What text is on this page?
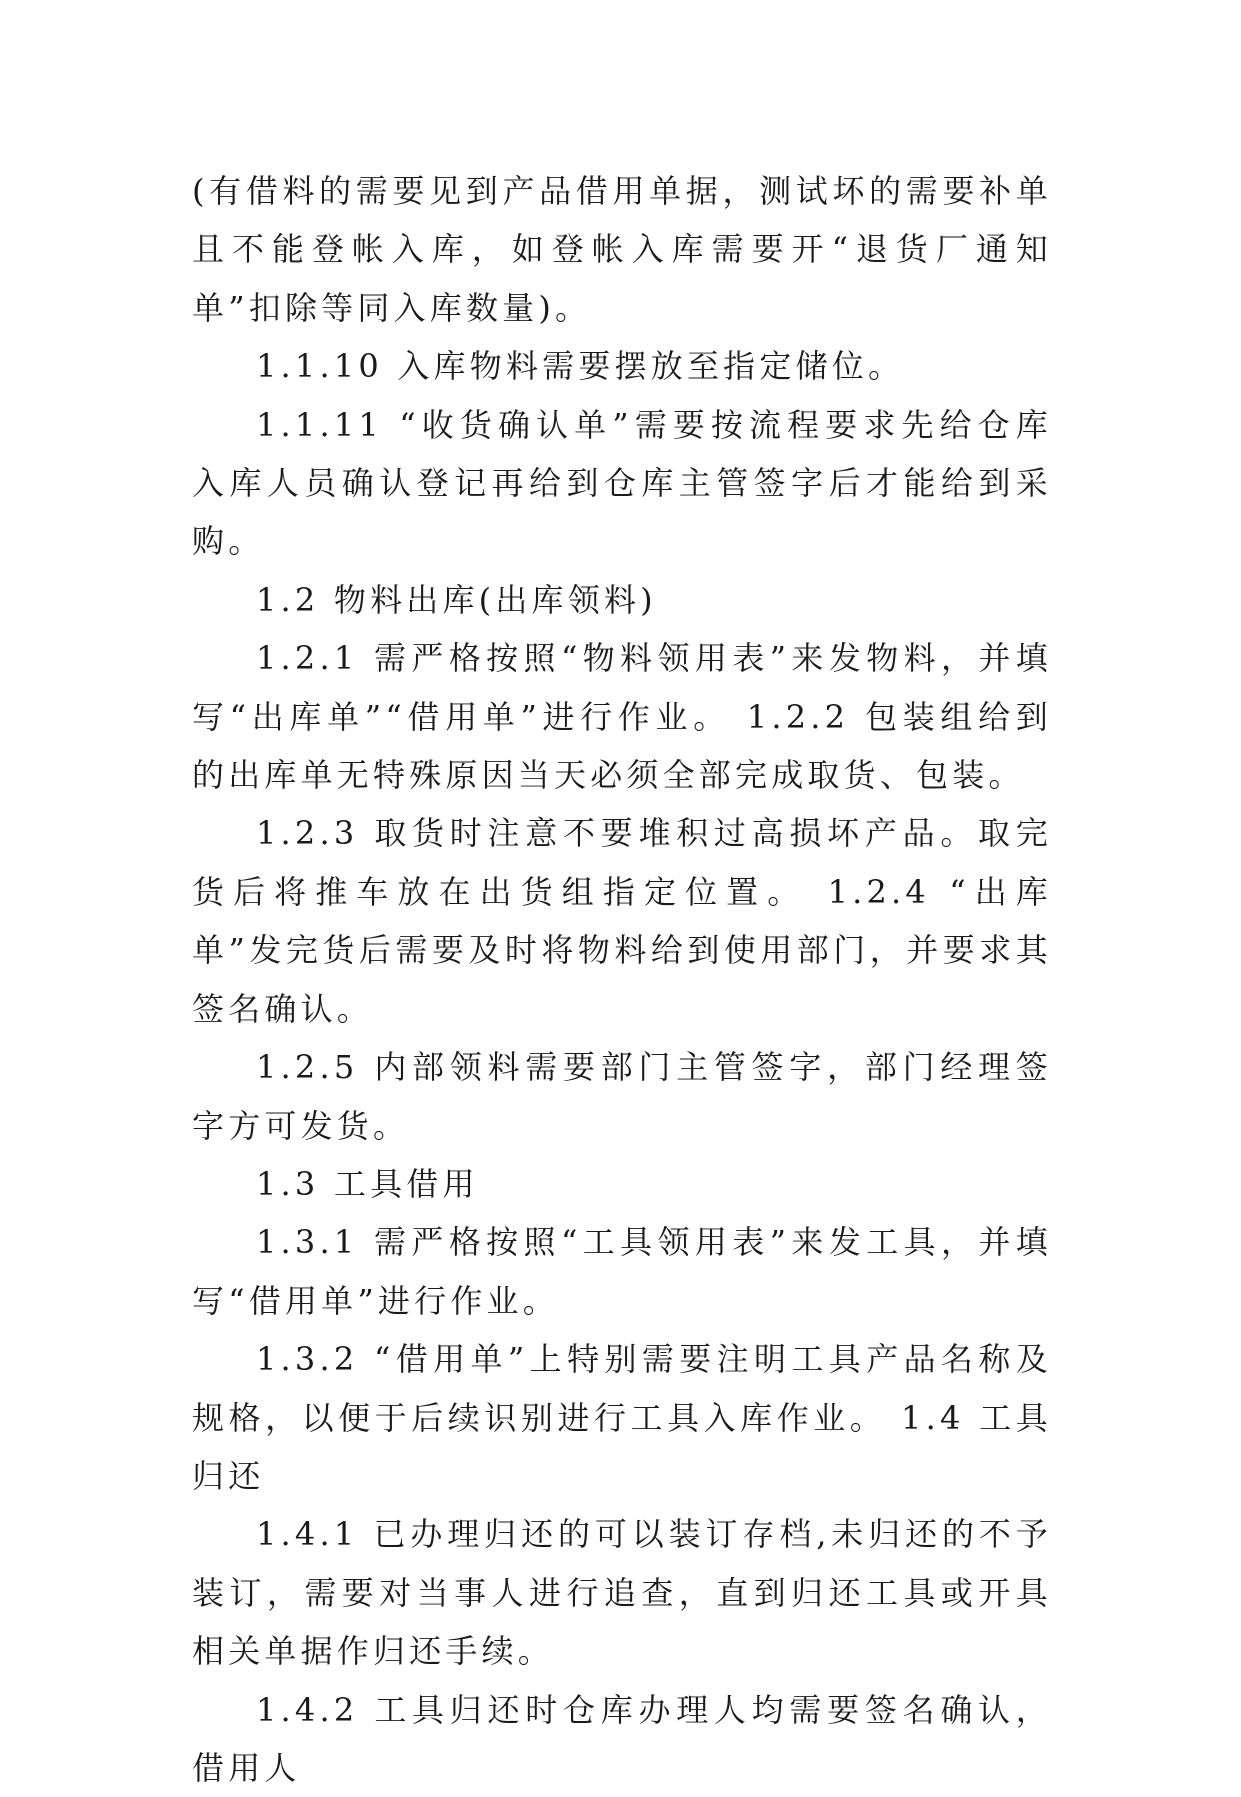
(有借料的需要见到产品借用单据，测试坏的需要补单且不能登帐入库，如登帐入库需要开“退货厂通知单”扣除等同入库数量)。

1.1.10 入库物料需要摆放至指定储位。

1.1.11 “收货确认单”需要按流程要求先给仓库入库人员确认登记再给到仓库主管签字后才能给到采购。

1.2 物料出库(出库领料)

1.2.1 需严格按照“物料领用表”来发物料，并填写“出库单”“借用单”进行作业。 1.2.2 包装组给到的出库单无特殊原因当天必须全部完成取货、包装。

1.2.3 取货时注意不要堆积过高损坏产品。取完货后将推车放在出货组指定位置。 1.2.4 “出库单”发完货后需要及时将物料给到使用部门，并要求其签名确认。

1.2.5 内部领料需要部门主管签字，部门经理签字方可发货。

1.3 工具借用

1.3.1 需严格按照“工具领用表”来发工具，并填写“借用单”进行作业。

1.3.2 “借用单”上特别需要注明工具产品名称及规格，以便于后续识别进行工具入库作业。 1.4 工具归还

1.4.1 已办理归还的可以装订存档,未归还的不予装订，需要对当事人进行追查，直到归还工具或开具相关单据作归还手续。

1.4.2 工具归还时仓库办理人均需要签名确认，借用人
